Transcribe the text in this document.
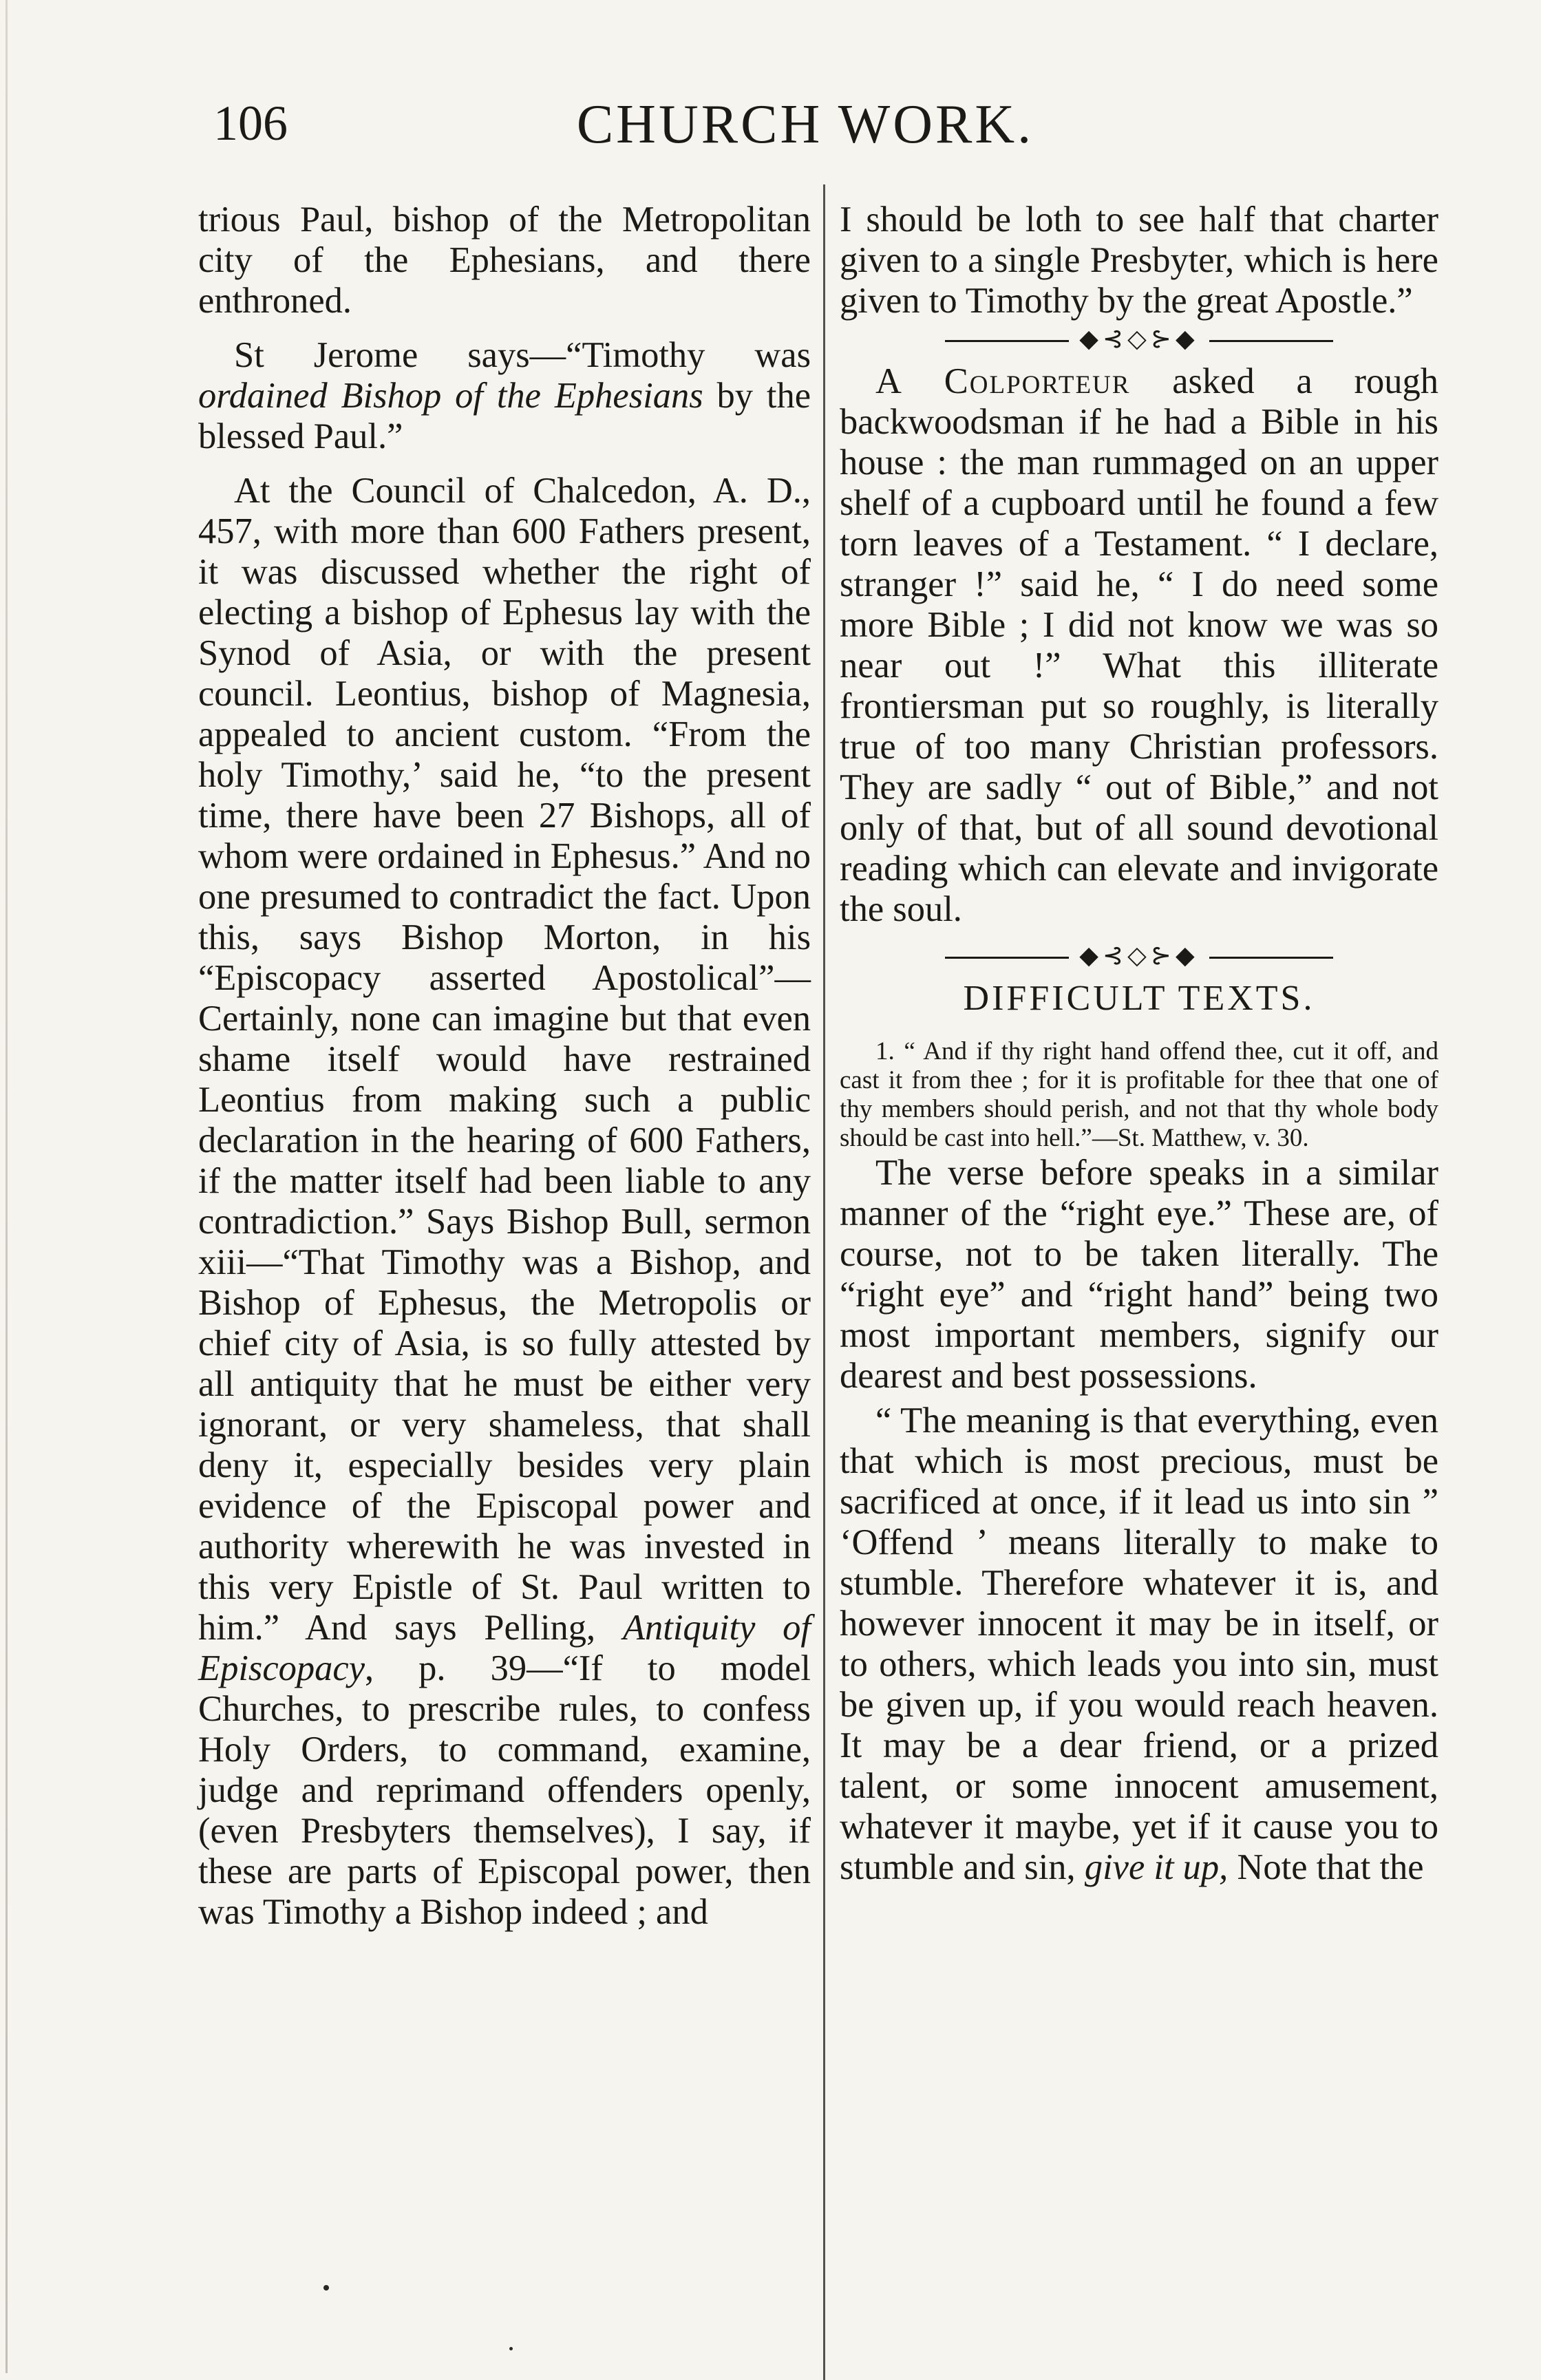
106	CHURCH WORK.

trious Paul, bishop of the Metropolitan city of the Ephesians, and there enthroned.

St Jerome says—“Timothy was ordained Bishop of the Ephesians by the blessed Paul.”

At the Council of Chalcedon, A. D., 457, with more than 600 Fathers present, it was discussed whether the right of electing a bishop of Ephesus lay with the Synod of Asia, or with the present council. Leontius, bishop of Magnesia, appealed to ancient custom. “From the holy Timothy,’ said he, “to the present time, there have been 27 Bishops, all of whom were ordained in Ephesus.” And no one presumed to contradict the fact. Upon this, says Bishop Morton, in his “Episcopacy asserted Apostolical”—Certainly, none can imagine but that even shame itself would have restrained Leontius from making such a public declaration in the hearing of 600 Fathers, if the matter itself had been liable to any contradiction.” Says Bishop Bull, sermon xiii—“That Timothy was a Bishop, and Bishop of Ephesus, the Metropolis or chief city of Asia, is so fully attested by all antiquity that he must be either very ignorant, or very shameless, that shall deny it, especially besides very plain evidence of the Episcopal power and authority wherewith he was invested in this very Epistle of St. Paul written to him.” And says Pelling, Antiquity of Episcopacy, p. 39—“If to model Churches, to prescribe rules, to confess Holy Orders, to command, examine, judge and reprimand offenders openly, (even Presbyters themselves), I say, if these are parts of Episcopal power, then was Timothy a Bishop indeed ; and

I should be loth to see half that charter given to a single Presbyter, which is here given to Timothy by the great Apostle.”

◆⊰◇⊱◆

A Colporteur asked a rough backwoodsman if he had a Bible in his house : the man rummaged on an upper shelf of a cupboard until he found a few torn leaves of a Testament. “ I declare, stranger !” said he, “ I do need some more Bible ; I did not know we was so near out !” What this illiterate frontiersman put so roughly, is literally true of too many Christian professors. They are sadly “ out of Bible,” and not only of that, but of all sound devotional reading which can elevate and invigorate the soul.

◆⊰◇⊱◆
DIFFICULT TEXTS.

1. “ And if thy right hand offend thee, cut it off, and cast it from thee ; for it is profitable for thee that one of thy members should perish, and not that thy whole body should be cast into hell.”—St. Matthew, v. 30.

The verse before speaks in a similar manner of the “right eye.” These are, of course, not to be taken literally. The “right eye” and “right hand” being two most important members, signify our dearest and best possessions.

“ The meaning is that everything, even that which is most precious, must be sacrificed at once, if it lead us into sin ” ‘Offend ’ means literally to make to stumble. Therefore whatever it is, and however innocent it may be in itself, or to others, which leads you into sin, must be given up, if you would reach heaven. It may be a dear friend, or a prized talent, or some innocent amusement, whatever it maybe, yet if it cause you to stumble and sin, give it up, Note that the
